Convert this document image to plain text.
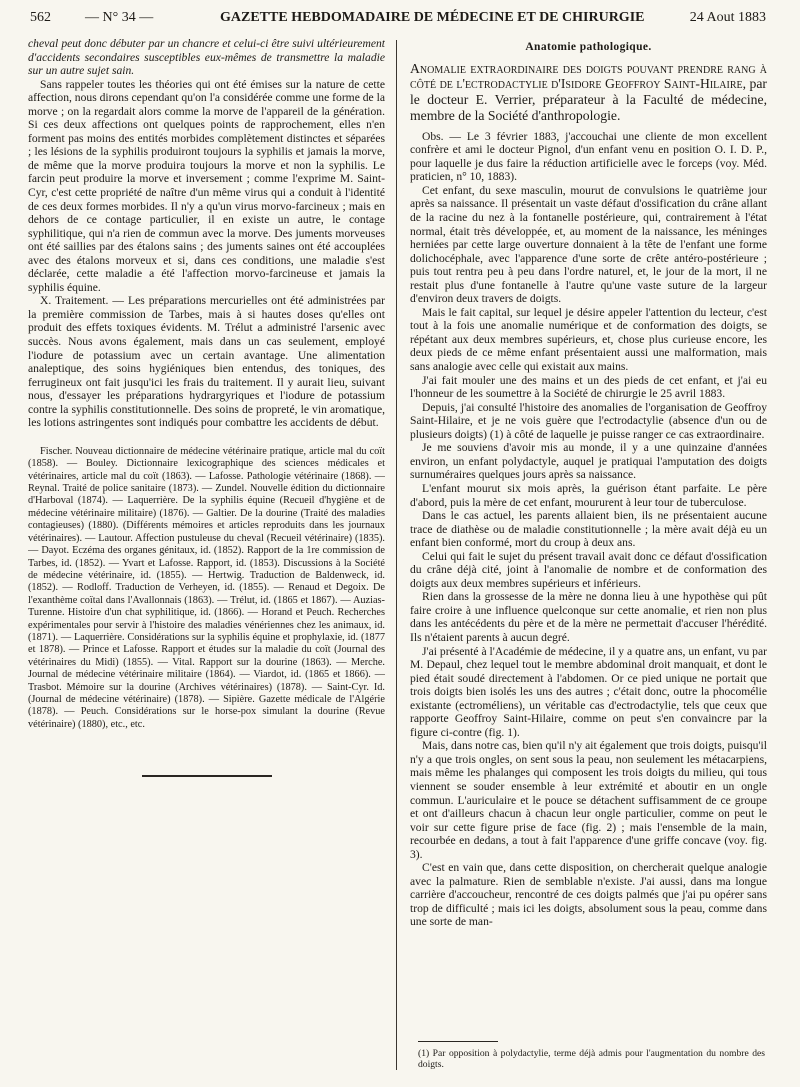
562 — N° 34 —	GAZETTE HEBDOMADAIRE DE MÉDECINE ET DE CHIRURGIE	24 Aout 1883

cheval peut donc débuter par un chancre et celui-ci être suivi ultérieurement d'accidents secondaires susceptibles eux-mêmes de transmettre la maladie sur un autre sujet sain.

Sans rappeler toutes les théories qui ont été émises sur la nature de cette affection, nous dirons cependant qu'on l'a considérée comme une forme de la morve ; on la regardait alors comme la morve de l'appareil de la génération. Si ces deux affections ont quelques points de rapprochement, elles n'en forment pas moins des entités morbides complètement distinctes et séparées ; les lésions de la syphilis produiront toujours la syphilis et jamais la morve, de même que la morve produira toujours la morve et non la syphilis. Le farcin peut produire la morve et inversement ; comme l'exprime M. Saint-Cyr, c'est cette propriété de naître d'un même virus qui a conduit à l'identité de ces deux formes morbides. Il n'y a qu'un virus morvo-farcineux ; mais en dehors de ce contage particulier, il en existe un autre, le contage syphilitique, qui n'a rien de commun avec la morve. Des juments morveuses ont été saillies par des étalons sains ; des juments saines ont été accouplées avec des étalons morveux et si, dans ces conditions, une maladie s'est déclarée, cette maladie a été l'affection morvo-farcineuse et jamais la syphilis équine.

X. Traitement. — Les préparations mercurielles ont été administrées par la première commission de Tarbes, mais à si hautes doses qu'elles ont produit des effets toxiques évidents. M. Trélut a administré l'arsenic avec succès. Nous avons également, mais dans un cas seulement, employé l'iodure de potassium avec un certain avantage. Une alimentation analeptique, des soins hygiéniques bien entendus, des toniques, des ferrugineux ont fait jusqu'ici les frais du traitement. Il y aurait lieu, suivant nous, d'essayer les préparations hydrargyriques et l'iodure de potassium contre la syphilis constitutionnelle. Des soins de propreté, le vin aromatique, les lotions astringentes sont indiqués pour combattre les accidents de début.

Fischer. Nouveau dictionnaire de médecine vétérinaire pratique, article mal du coït (1858). — Bouley. Dictionnaire lexicographique des sciences médicales et vétérinaires, article mal du coït (1863). — Lafosse. Pathologie vétérinaire (1868). — Reynal. Traité de police sanitaire (1873). — Zundel. Nouvelle édition du dictionnaire d'Harboval (1874). — Laquerrière. De la syphilis équine (Recueil d'hygiène et de médecine vétérinaire militaire) (1876). — Galtier. De la dourine (Traité des maladies contagieuses) (1880). (Différents mémoires et articles reproduits dans les journaux vétérinaires). — Lautour. Affection pustuleuse du cheval (Recueil vétérinaire) (1835). — Dayot. Eczéma des organes génitaux, id. (1852). Rapport de la 1re commission de Tarbes, id. (1852). — Yvart et Lafosse. Rapport, id. (1853). Discussions à la Société de médecine vétérinaire, id. (1855). — Hertwig. Traduction de Baldenweck, id. (1852). — Rodloff. Traduction de Verheyen, id. (1855). — Renaud et Degoix. De l'exanthème coïtal dans l'Avallonnais (1863). — Trélut, id. (1865 et 1867). — Auzias-Turenne. Histoire d'un chat syphilitique, id. (1866). — Horand et Peuch. Recherches expérimentales pour servir à l'histoire des maladies vénériennes chez les animaux, id. (1871). — Laquerrière. Considérations sur la syphilis équine et prophylaxie, id. (1877 et 1878). — Prince et Lafosse. Rapport et études sur la maladie du coït (Journal des vétérinaires du Midi) (1855). — Vital. Rapport sur la dourine (1863). — Merche. Journal de médecine vétérinaire militaire (1864). — Viardot, id. (1865 et 1866). — Trasbot. Mémoire sur la dourine (Archives vétérinaires) (1878). — Saint-Cyr. Id. (Journal de médecine vétérinaire) (1878). — Sipière. Gazette médicale de l'Algérie (1878). — Peuch. Considérations sur le horse-pox simulant la dourine (Revue vétérinaire) (1880), etc., etc.

Anatomie pathologique.
Anomalie extraordinaire des doigts pouvant prendre rang à côté de l'ectrodactylie d'Isidore Geoffroy Saint-Hilaire, par le docteur E. Verrier, préparateur à la Faculté de médecine, membre de la Société d'anthropologie.

Obs. — Le 3 février 1883, j'accouchai une cliente de mon excellent confrère et ami le docteur Pignol, d'un enfant venu en position O. I. D. P., pour laquelle je dus faire la réduction artificielle avec le forceps (voy. Méd. praticien, n° 10, 1883).

Cet enfant, du sexe masculin, mourut de convulsions le quatrième jour après sa naissance. Il présentait un vaste défaut d'ossification du crâne allant de la racine du nez à la fontanelle postérieure, qui, contrairement à l'état normal, était très développée, et, au moment de la naissance, les méninges herniées par cette large ouverture donnaient à la tête de l'enfant une forme dolichocéphale, avec l'apparence d'une sorte de crête antéro-postérieure ; puis tout rentra peu à peu dans l'ordre naturel, et, le jour de la mort, il ne restait plus d'une fontanelle à l'autre qu'une vaste suture de la largeur d'environ deux travers de doigts.

Mais le fait capital, sur lequel je désire appeler l'attention du lecteur, c'est tout à la fois une anomalie numérique et de conformation des doigts, se répétant aux deux membres supérieurs, et, chose plus curieuse encore, les deux pieds de ce même enfant présentaient aussi une malformation, mais sans analogie avec celle qui existait aux mains.

J'ai fait mouler une des mains et un des pieds de cet enfant, et j'ai eu l'honneur de les soumettre à la Société de chirurgie le 25 avril 1883.

Depuis, j'ai consulté l'histoire des anomalies de l'organisation de Geoffroy Saint-Hilaire, et je ne vois guère que l'ectrodactylie (absence d'un ou de plusieurs doigts) (1) à côté de laquelle je puisse ranger ce cas extraordinaire.

Je me souviens d'avoir mis au monde, il y a une quinzaine d'années environ, un enfant polydactyle, auquel je pratiquai l'amputation des doigts surnuméraires quelques jours après sa naissance.

L'enfant mourut six mois après, la guérison étant parfaite. Le père d'abord, puis la mère de cet enfant, moururent à leur tour de tuberculose.

Dans le cas actuel, les parents allaient bien, ils ne présentaient aucune trace de diathèse ou de maladie constitutionnelle ; la mère avait déjà eu un enfant bien conformé, mort du croup à deux ans.

Celui qui fait le sujet du présent travail avait donc ce défaut d'ossification du crâne déjà cité, joint à l'anomalie de nombre et de conformation des doigts aux deux membres supérieurs et inférieurs.

Rien dans la grossesse de la mère ne donna lieu à une hypothèse qui pût faire croire à une influence quelconque sur cette anomalie, et rien non plus dans les antécédents du père et de la mère ne permettait d'accuser l'hérédité. Ils n'étaient parents à aucun degré.

J'ai présenté à l'Académie de médecine, il y a quatre ans, un enfant, vu par M. Depaul, chez lequel tout le membre abdominal droit manquait, et dont le pied était soudé directement à l'abdomen. Or ce pied unique ne portait que trois doigts bien isolés les uns des autres ; c'était donc, outre la phocomélie existante (ectroméliens), un véritable cas d'ectrodactylie, tels que ceux que rapporte Geoffroy Saint-Hilaire, comme on peut s'en convaincre par la figure ci-contre (fig. 1).

Mais, dans notre cas, bien qu'il n'y ait également que trois doigts, puisqu'il n'y a que trois ongles, on sent sous la peau, non seulement les métacarpiens, mais même les phalanges qui composent les trois doigts du milieu, qui tous viennent se souder ensemble à leur extrémité et aboutir en un ongle commun. L'auriculaire et le pouce se détachent suffisamment de ce groupe et ont d'ailleurs chacun à chacun leur ongle particulier, comme on peut le voir sur cette figure prise de face (fig. 2) ; mais l'ensemble de la main, recourbée en dedans, a tout à fait l'apparence d'une griffe concave (voy. fig. 3).

C'est en vain que, dans cette disposition, on chercherait quelque analogie avec la palmature. Rien de semblable n'existe. J'ai aussi, dans ma longue carrière d'accoucheur, rencontré de ces doigts palmés que j'ai pu opérer sans trop de difficulté ; mais ici les doigts, absolument sous la peau, comme dans une sorte de man-

(1) Par opposition à polydactylie, terme déjà admis pour l'augmentation du nombre des doigts.
